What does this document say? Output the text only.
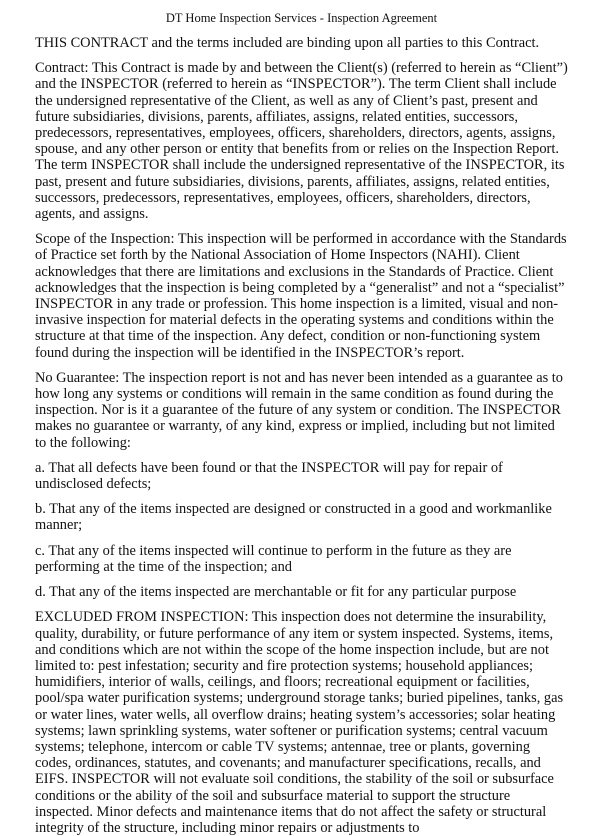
DT Home Inspection Services - Inspection Agreement

THIS CONTRACT and the terms included are binding upon all parties to this Contract.

Contract: This Contract is made by and between the Client(s) (referred to herein as “Client”) and the INSPECTOR (referred to herein as “INSPECTOR”). The term Client shall include the undersigned representative of the Client, as well as any of Client’s past, present and future subsidiaries, divisions, parents, affiliates, assigns, related entities, successors, predecessors, representatives, employees, officers, shareholders, directors, agents, assigns, spouse, and any other person or entity that benefits from or relies on the Inspection Report. The term INSPECTOR shall include the undersigned representative of the INSPECTOR, its past, present and future subsidiaries, divisions, parents, affiliates, assigns, related entities, successors, predecessors, representatives, employees, officers, shareholders, directors, agents, and assigns.

Scope of the Inspection: This inspection will be performed in accordance with the Standards of Practice set forth by the National Association of Home Inspectors (NAHI). Client acknowledges that there are limitations and exclusions in the Standards of Practice. Client acknowledges that the inspection is being completed by a “generalist” and not a “specialist” INSPECTOR in any trade or profession. This home inspection is a limited, visual and non-invasive inspection for material defects in the operating systems and conditions within the structure at that time of the inspection. Any defect, condition or non-functioning system found during the inspection will be identified in the INSPECTOR’s report.

No Guarantee: The inspection report is not and has never been intended as a guarantee as to how long any systems or conditions will remain in the same condition as found during the inspection. Nor is it a guarantee of the future of any system or condition. The INSPECTOR makes no guarantee or warranty, of any kind, express or implied, including but not limited to the following:

a. That all defects have been found or that the INSPECTOR will pay for repair of undisclosed defects;

b. That any of the items inspected are designed or constructed in a good and workmanlike manner;

c. That any of the items inspected will continue to perform in the future as they are performing at the time of the inspection; and

d. That any of the items inspected are merchantable or fit for any particular purpose

EXCLUDED FROM INSPECTION: This inspection does not determine the insurability, quality, durability, or future performance of any item or system inspected. Systems, items, and conditions which are not within the scope of the home inspection include, but are not limited to: pest infestation; security and fire protection systems; household appliances; humidifiers, interior of walls, ceilings, and floors; recreational equipment or facilities, pool/spa water purification systems; underground storage tanks; buried pipelines, tanks, gas or water lines, water wells, all overflow drains; heating system’s accessories; solar heating systems; lawn sprinkling systems, water softener or purification systems; central vacuum systems; telephone, intercom or cable TV systems; antennae, tree or plants, governing codes, ordinances, statutes, and covenants; and manufacturer specifications, recalls, and EIFS. INSPECTOR will not evaluate soil conditions, the stability of the soil or subsurface conditions or the ability of the soil and subsurface material to support the structure inspected. Minor defects and maintenance items that do not affect the safety or structural integrity of the structure, including minor repairs or adjustments to
